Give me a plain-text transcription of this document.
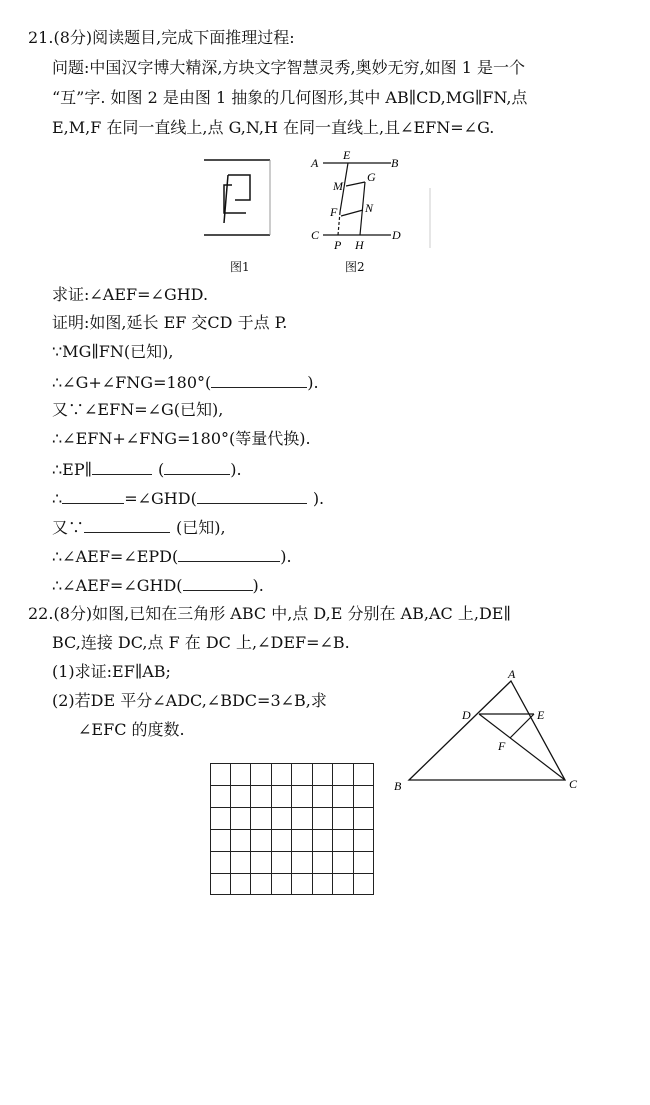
21.(8分)阅读题目,完成下面推理过程:
问题:中国汉字博大精深,方块文字智慧灵秀,奥妙无穷,如图 1 是一个
“互”字. 如图 2 是由图 1 抽象的几何图形,其中 AB∥CD,MG∥FN,点
E,M,F 在同一直线上,点 G,N,H 在同一直线上,且∠EFN=∠G.
图1
A
E
B
M
G
F N
C
P H
D
图2
求证:∠AEF=∠GHD.
证明:如图,延长 EF 交CD 于点 P.
∵MG∥FN(已知),
∴∠G+∠FNG=180°(	).
又∵∠EFN=∠G(已知),
∴∠EFN+∠FNG=180°(等量代换).
∴EP∥	(	).
∴	=∠GHD(	).
又∵	(已知),
∴∠AEF=∠EPD(	).
∴∠AEF=∠GHD(	).
22.(8分)如图,已知在三角形 ABC 中,点 D,E 分别在 AB,AC 上,DE∥
BC,连接 DC,点 F 在 DC 上,∠DEF=∠B.
(1)求证:EF∥AB;
(2)若DE 平分∠ADC,∠BDC=3∠B,求
∠EFC 的度数.
A
B	C
D	E
F
